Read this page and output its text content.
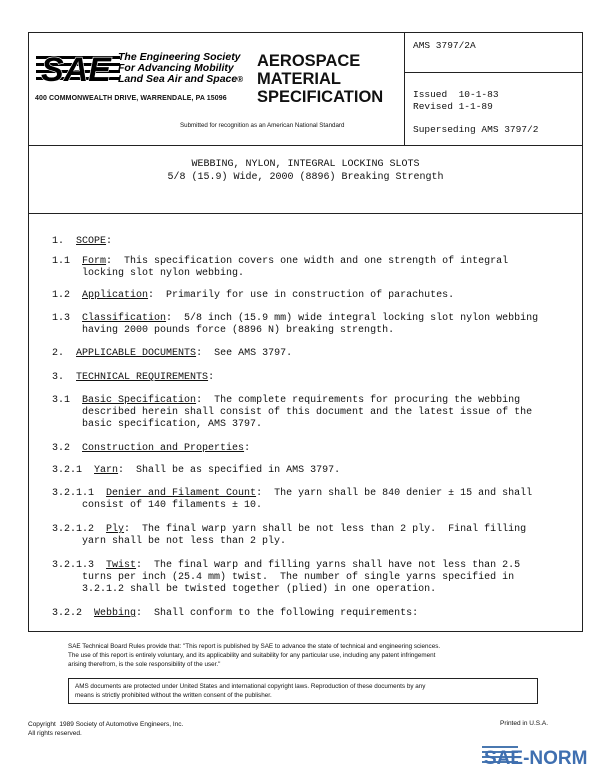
SAE The Engineering Society
For Advancing Mobility
Land Sea Air and Space®
400 COMMONWEALTH DRIVE, WARRENDALE, PA 15096
AEROSPACE
MATERIAL
SPECIFICATION
Submitted for recognition as an American National Standard
AMS 3797/2A
Issued  10-1-83
Revised 1-1-89
Superseding AMS 3797/2
WEBBING, NYLON, INTEGRAL LOCKING SLOTS
5/8 (15.9) Wide, 2000 (8896) Breaking Strength
1. SCOPE:
1.1 Form:  This specification covers one width and one strength of integral
locking slot nylon webbing.
1.2 Application:  Primarily for use in construction of parachutes.
1.3 Classification:  5/8 inch (15.9 mm) wide integral locking slot nylon webbing
having 2000 pounds force (8896 N) breaking strength.
2. APPLICABLE DOCUMENTS:  See AMS 3797.
3. TECHNICAL REQUIREMENTS:
3.1 Basic Specification:  The complete requirements for procuring the webbing
described herein shall consist of this document and the latest issue of the
basic specification, AMS 3797.
3.2 Construction and Properties:
3.2.1 Yarn:  Shall be as specified in AMS 3797.
3.2.1.1 Denier and Filament Count:  The yarn shall be 840 denier ± 15 and shall
consist of 140 filaments ± 10.
3.2.1.2 Ply:  The final warp yarn shall be not less than 2 ply.  Final filling
yarn shall be not less than 2 ply.
3.2.1.3 Twist:  The final warp and filling yarns shall have not less than 2.5
turns per inch (25.4 mm) twist.  The number of single yarns specified in
3.2.1.2 shall be twisted together (plied) in one operation.
3.2.2 Webbing:  Shall conform to the following requirements:
SAE Technical Board Rules provide that: "This report is published by SAE to advance the state of technical and engineering sciences.
The use of this report is entirely voluntary, and its applicability and suitability for any particular use, including any patent infringement
arising therefrom, is the sole responsibility of the user."
AMS documents are protected under United States and international copyright laws. Reproduction of these documents by any
means is strictly prohibited without the written consent of the publisher.
Copyright  1989 Society of Automotive Engineers, Inc.
All rights reserved.
Printed in U.S.A.
SAE-NORM
